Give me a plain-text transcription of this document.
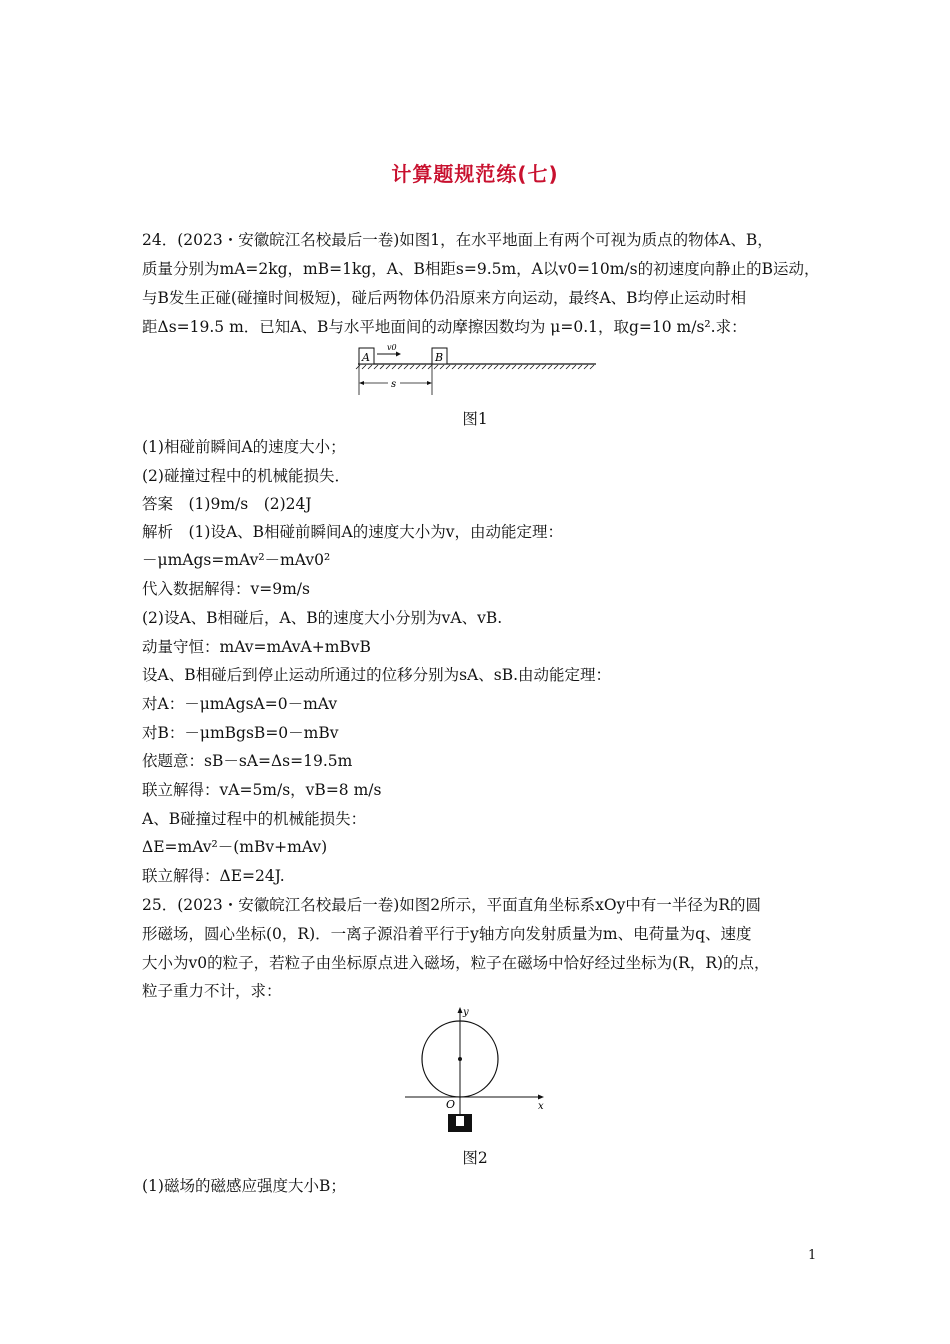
计算题规范练(七)
24．(2023・安徽皖江名校最后一卷)如图1，在水平地面上有两个可视为质点的物体A、B，
质量分别为mA=2kg，mB=1kg，A、B相距s=9.5m，A以v0=10m/s的初速度向静止的B运动，
与B发生正碰(碰撞时间极短)，碰后两物体仍沿原来方向运动，最终A、B均停止运动时相
距Δs=19.5 m．已知A、B与水平地面间的动摩擦因数均为 μ=0.1，取g=10 m/s².求：
A	B
v0
s
图1
(1)相碰前瞬间A的速度大小；
(2)碰撞过程中的机械能损失．
答案　(1)9m/s　(2)24J
解析　(1)设A、B相碰前瞬间A的速度大小为v，由动能定理：
－μmAgs=mAv²－mAv0²
代入数据解得：v=9m/s
(2)设A、B相碰后，A、B的速度大小分别为vA、vB.
动量守恒：mAv=mAvA+mBvB
设A、B相碰后到停止运动所通过的位移分别为sA、sB.由动能定理：
对A：－μmAgsA=0－mAv
对B：－μmBgsB=0－mBv
依题意：sB－sA=Δs=19.5m
联立解得：vA=5m/s，vB=8 m/s
A、B碰撞过程中的机械能损失：
ΔE=mAv²－(mBv+mAv)
联立解得：ΔE=24J.
25．(2023・安徽皖江名校最后一卷)如图2所示，平面直角坐标系xOy中有一半径为R的圆
形磁场，圆心坐标(0，R)．一离子源沿着平行于y轴方向发射质量为m、电荷量为q、速度
大小为v0的粒子，若粒子由坐标原点进入磁场，粒子在磁场中恰好经过坐标为(R，R)的点，
粒子重力不计，求：
x
y
O
图2
(1)磁场的磁感应强度大小B；
1
